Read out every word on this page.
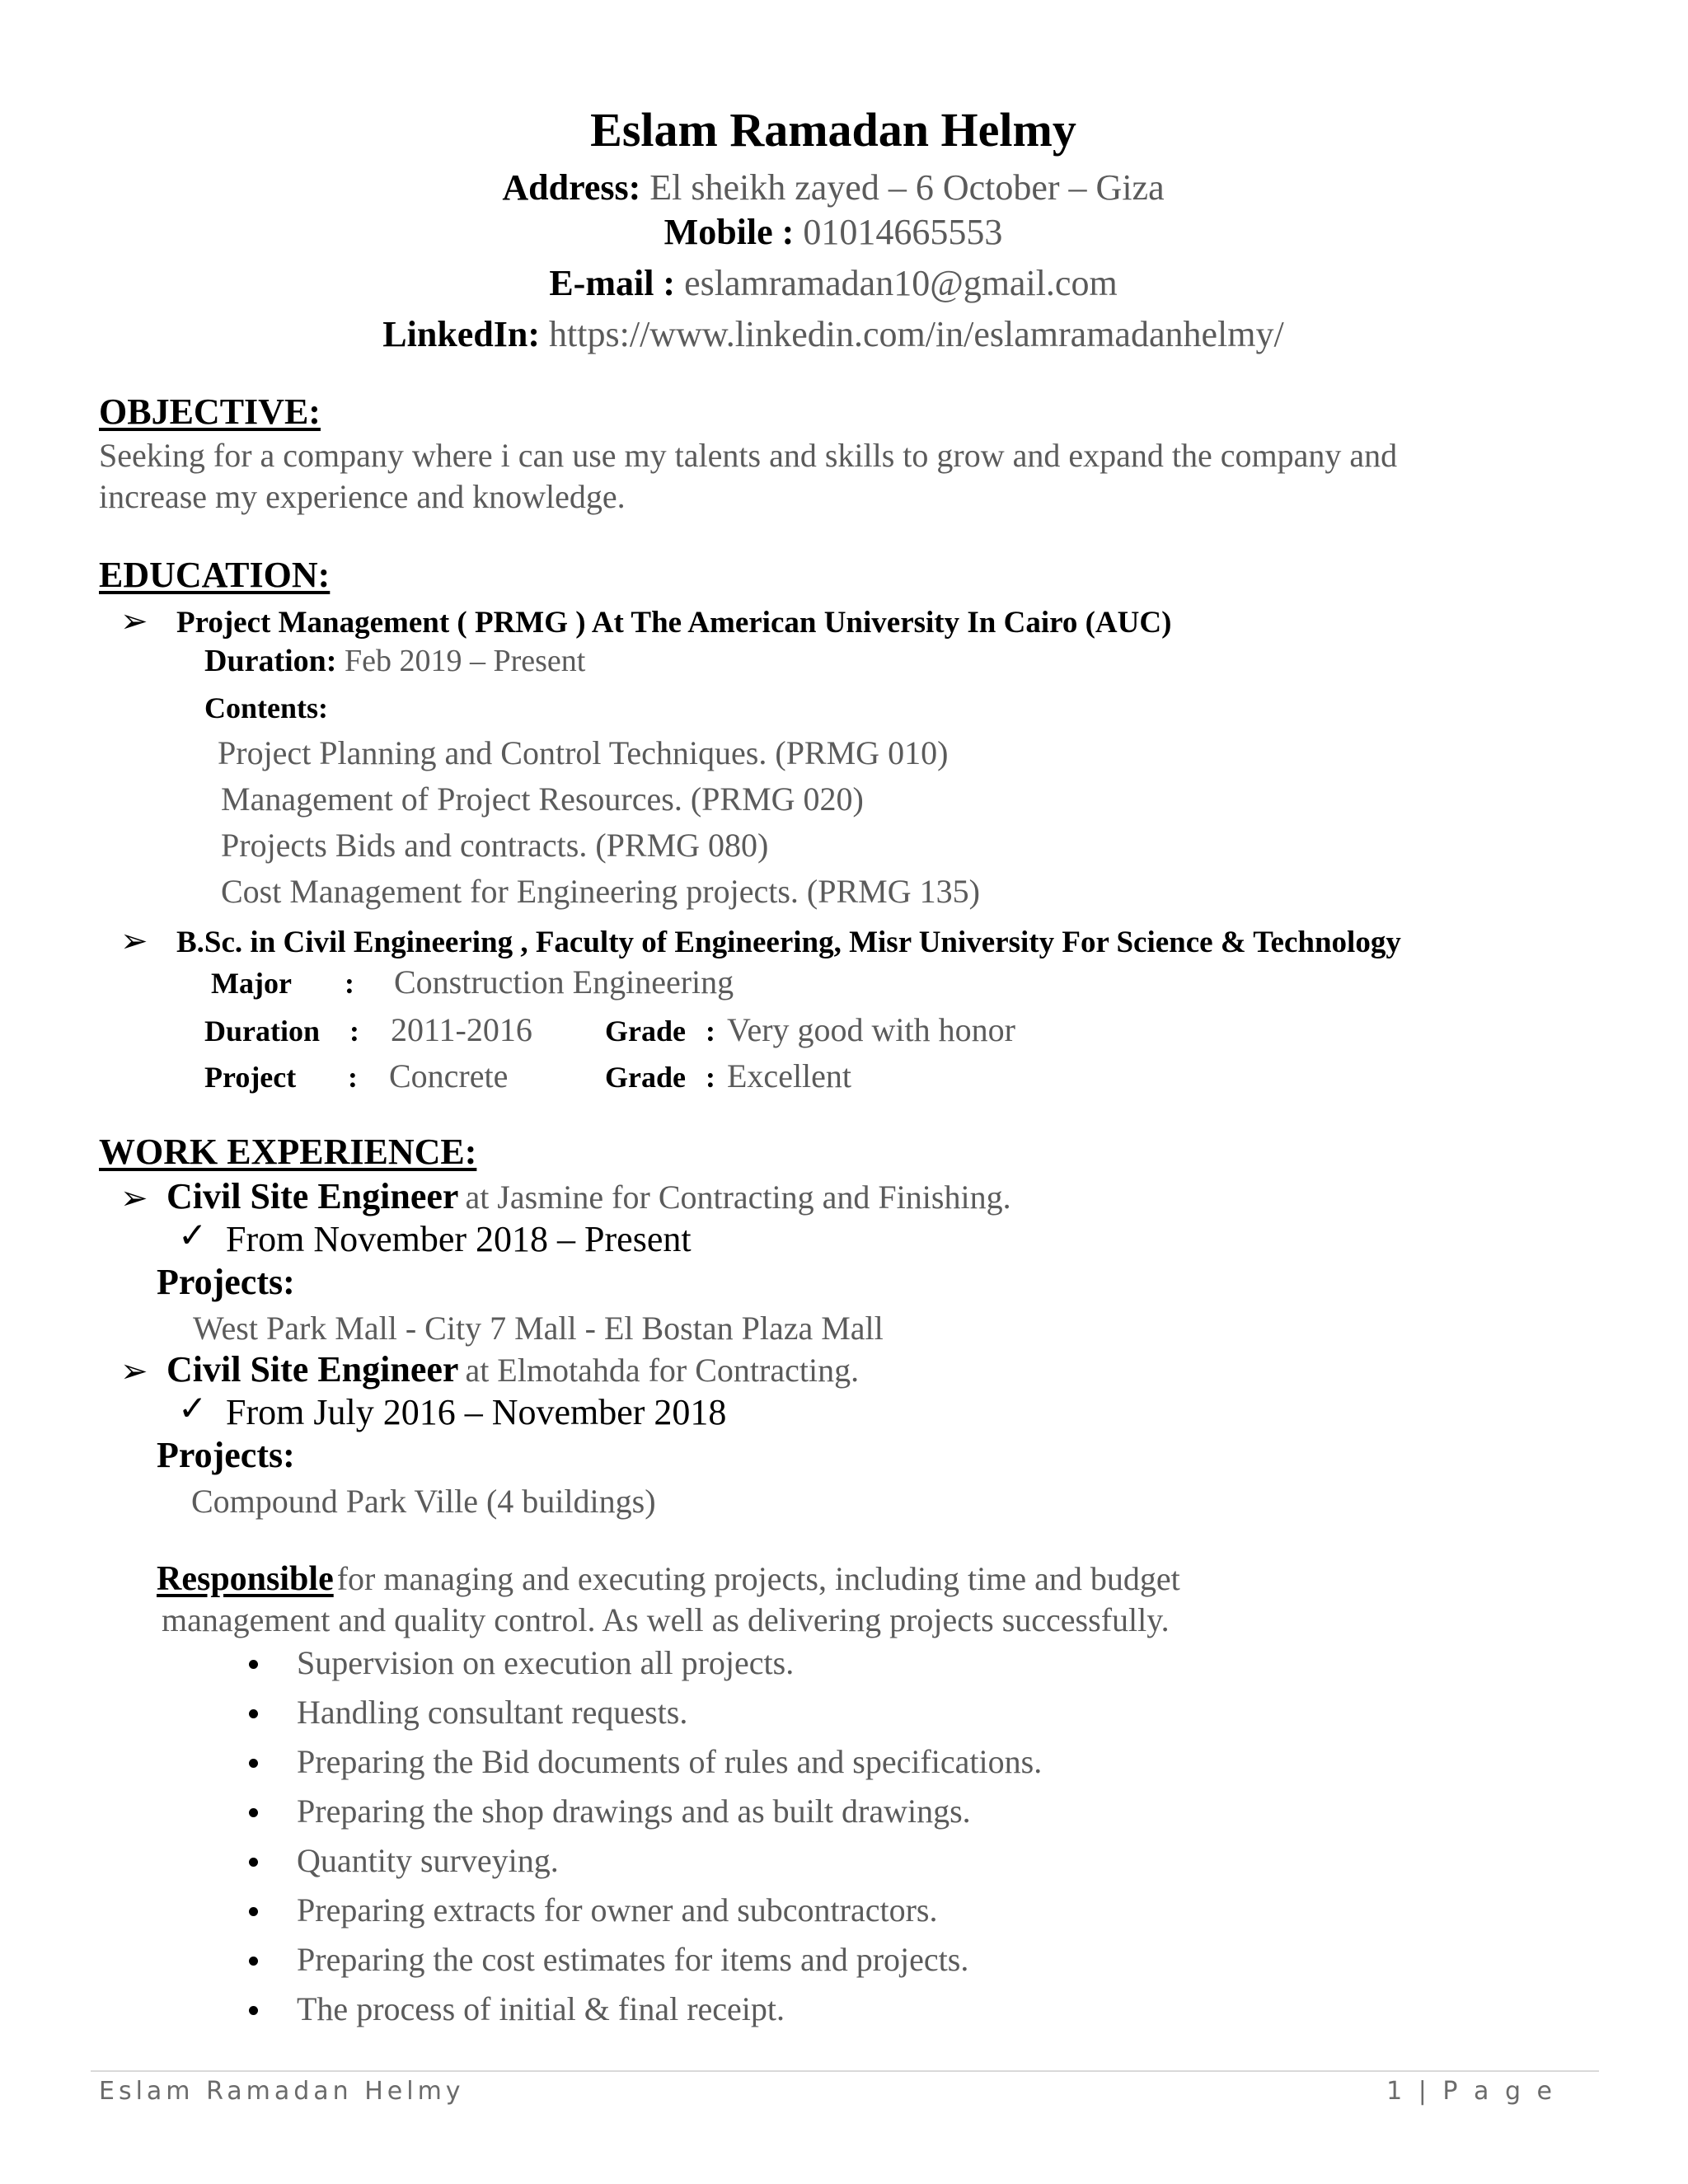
Eslam Ramadan Helmy
Address: El sheikh zayed – 6 October – Giza
Mobile : 01014665553
E-mail : eslamramadan10@gmail.com
LinkedIn: https://www.linkedin.com/in/eslamramadanhelmy/
OBJECTIVE:
Seeking for a company where i can use my talents and skills to grow and expand the company and
increase my experience and knowledge.
EDUCATION:
➢ Project Management ( PRMG ) At The American University In Cairo (AUC)
Duration: Feb 2019 – Present
Contents:
Project Planning and Control Techniques. (PRMG 010)
Management of Project Resources. (PRMG 020)
Projects Bids and contracts. (PRMG 080)
Cost Management for Engineering projects. (PRMG 135)
➢ B.Sc. in Civil Engineering , Faculty of Engineering, Misr University For Science & Technology
Major : Construction Engineering
Duration : 2011-2016 Grade : Very good with honor
Project : Concrete	Grade : Excellent
WORK EXPERIENCE:
➢ Civil Site Engineer at Jasmine for Contracting and Finishing.
✓ From November 2018 – Present
Projects:
West Park Mall - City 7 Mall - El Bostan Plaza Mall
➢ Civil Site Engineer at Elmotahda for Contracting.
✓ From July 2016 – November 2018
Projects:
Compound Park Ville (4 buildings)
Responsible for managing and executing projects, including time and budget
management and quality control. As well as delivering projects successfully.
Supervision on execution all projects.
Handling consultant requests.
Preparing the Bid documents of rules and specifications.
Preparing the shop drawings and as built drawings.
Quantity surveying.
Preparing extracts for owner and subcontractors.
Preparing the cost estimates for items and projects.
The process of initial & final receipt.
Eslam Ramadan Helmy	1 | P a g e
